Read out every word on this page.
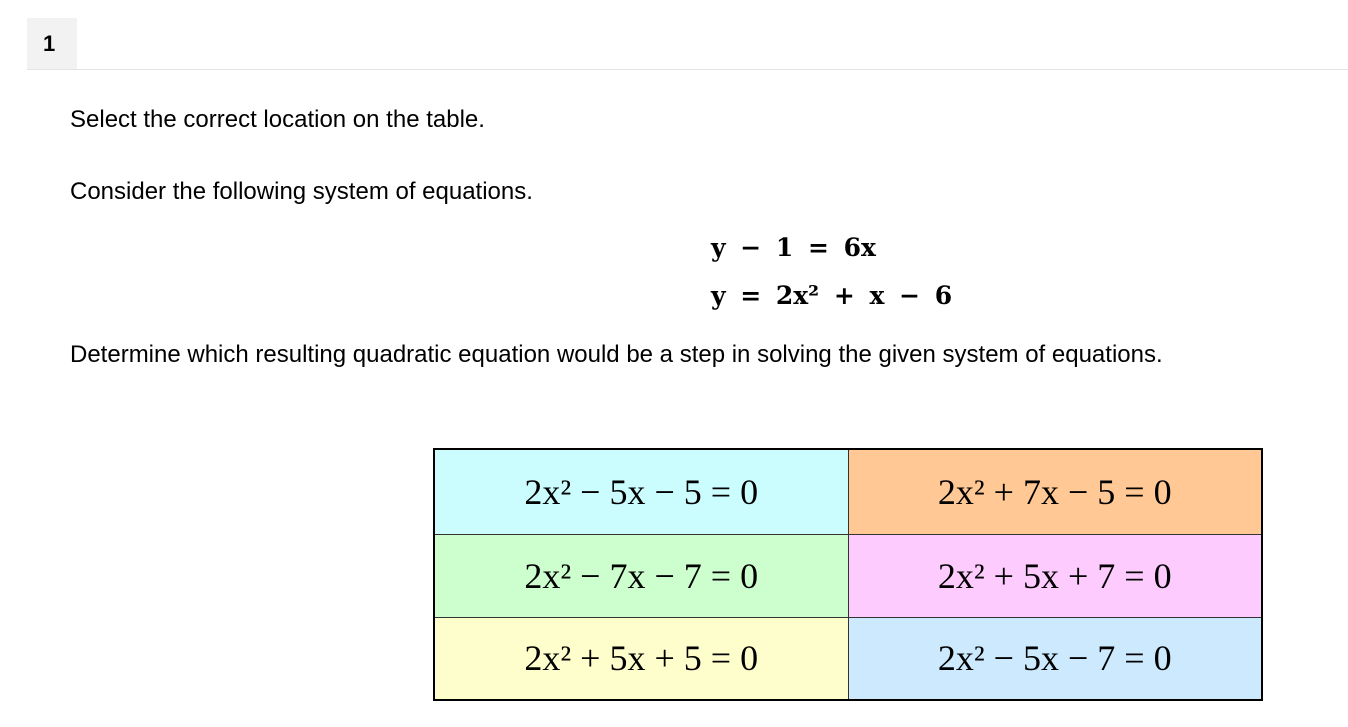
1
Select the correct location on the table.
Consider the following system of equations.
y − 1 = 6x
y = 2x² + x − 6
Determine which resulting quadratic equation would be a step in solving the given system of equations.
2x² − 5x − 5 = 0	2x² + 7x − 5 = 0
2x² − 7x − 7 = 0	2x² + 5x + 7 = 0
2x² + 5x + 5 = 0	2x² − 5x − 7 = 0
